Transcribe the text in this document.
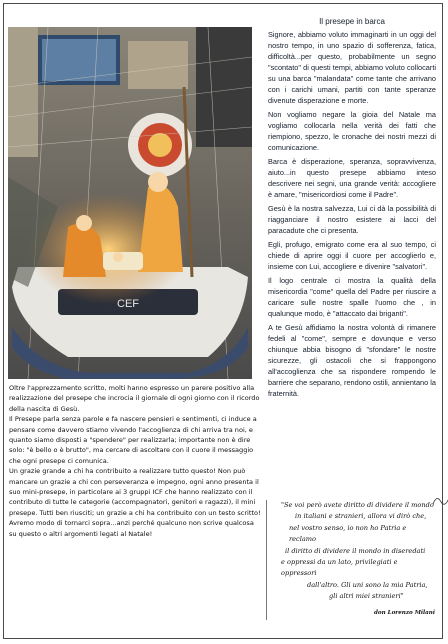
Il presepe in barca

Signore, abbiamo voluto immaginarti in un oggi del nostro tempo, in uno spazio di sofferenza, fatica, difficoltà...per questo, probabilmente un segno "scontato" di questi tempi, abbiamo voluto collocarti su una barca "malandata" come tante che arrivano con i carichi umani, partiti con tante speranze divenute disperazione e morte.

Non vogliamo negare la gioia del Natale ma vogliamo collocarla nella verità dei fatti che riempiono, spezzo, le cronache dei nostri mezzi di comunicazione.

Barca è disperazione, speranza, sopravvivenza, aiuto...in questo presepe abbiamo inteso descrivere nei segni, una grande verità: accogliere è amare, "misericordiosi come il Padre".

Gesù è la nostra salvezza, Lui ci dà la possibilità di riagganciare il nostro esistere ai lacci del paracadute che ci presenta.

Egli, profugo, emigrato come era al suo tempo, ci chiede di aprire oggi il cuore per accoglierlo e, insieme con Lui, accogliere e divenire "salvatori".

Il logo centrale ci mostra la qualità della misericordia "come" quella del Padre per riuscire a caricare sulle nostre spalle l'uomo che , in qualunque modo, è "attaccato dai briganti".

A te Gesù affidiamo la nostra volontà di rimanere fedeli al "come", sempre e dovunque e verso chiunque abbia bisogno di "sfondare" le nostre sicurezze, gli ostacoli che si frappongono all'accoglienza che sa rispondere rompendo le barriere che separano, rendono ostili, annientano la fraternità.

Oltre l'apprezzamento scritto, molti hanno espresso un parere positivo alla realizzazione del presepe che incrocia il giornale di ogni giorno con il ricordo della nascita di Gesù.

Il Presepe parla senza parole e fa nascere pensieri e sentimenti, ci induce a pensare come davvero stiamo vivendo l'accoglienza di chi arriva tra noi, e quanto siamo disposti a "spendere" per realizzarla; importante non è dire solo: "è bello o è brutto", ma cercare di ascoltare con il cuore il messaggio che ogni presepe ci comunica.

Un grazie grande a chi ha contribuito a realizzare tutto questo! Non può mancare un grazie a chi con perseveranza e impegno, ogni anno presenta il suo mini-presepe, in particolare ai 3 gruppi ICF che hanno realizzato con il contributo di tutte le categorie (accompagnatori, genitori e ragazzi), il mini presepe. Tutti ben riusciti; un grazie a chi ha contribuito con un testo scritto!

Avremo modo di tornarci sopra...anzi perché qualcuno non scrive qualcosa su questo o altri argomenti legati al Natale!

"Se voi però avete diritto di dividere il mondo
in italiani e stranieri, allora vi dirò che,
nel vostro senso, io non ho Patria e reclamo
il diritto di dividere il mondo in diseredati
e oppressi da un lato, privilegiati e oppressori
dall'altro. Gli uni sono la mia Patria,
gli altri miei stranieri"
don Lorenzo Milani
